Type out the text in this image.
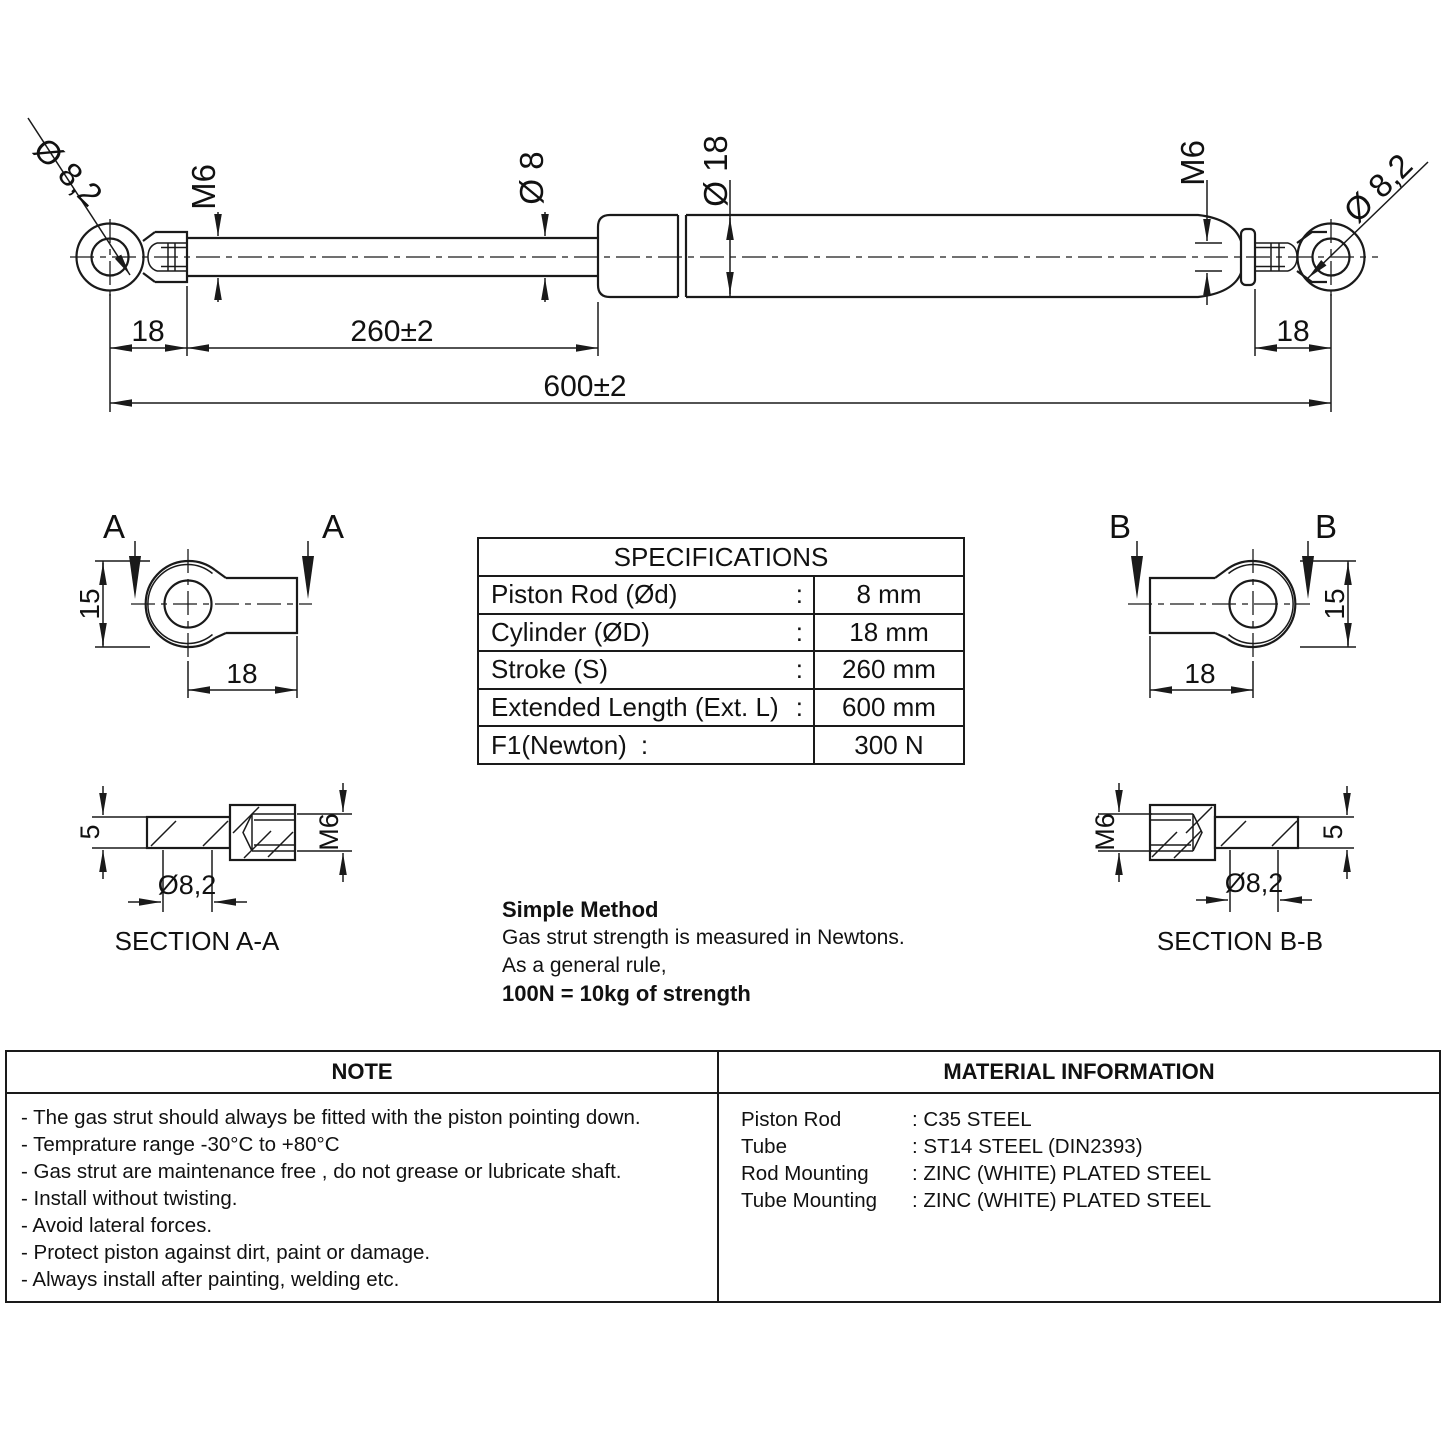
18	260±2	18
600±2
M6	Ø 8	Ø 18	M6
Ø 8,2	Ø 8,2
A	A
15
18
B	B
15
18
5	M6
Ø8,2
SECTION A-A
M6	5
Ø8,2
SECTION B-B
SPECIFICATIONS
Piston Rod (Ød)	:	8 mm
Cylinder (ØD)	:	18 mm
Stroke (S)	:	260 mm
Extended Length (Ext. L) :	600 mm
F1(Newton) :	300 N
Simple Method
Gas strut strength is measured in Newtons.
As a general rule,
100N = 10kg of strength
NOTE	MATERIAL INFORMATION
- The gas strut should always be fitted with the piston pointing down.
- Temprature range -30°C to +80°C
- Gas strut are maintenance free , do not grease or lubricate shaft.
- Install without twisting.
- Avoid lateral forces.
- Protect piston against dirt, paint or damage.
- Always install after painting, welding etc.
Piston Rod	: C35 STEEL
Tube	: ST14 STEEL (DIN2393)
Rod Mounting : ZINC (WHITE) PLATED STEEL
Tube Mounting : ZINC (WHITE) PLATED STEEL
